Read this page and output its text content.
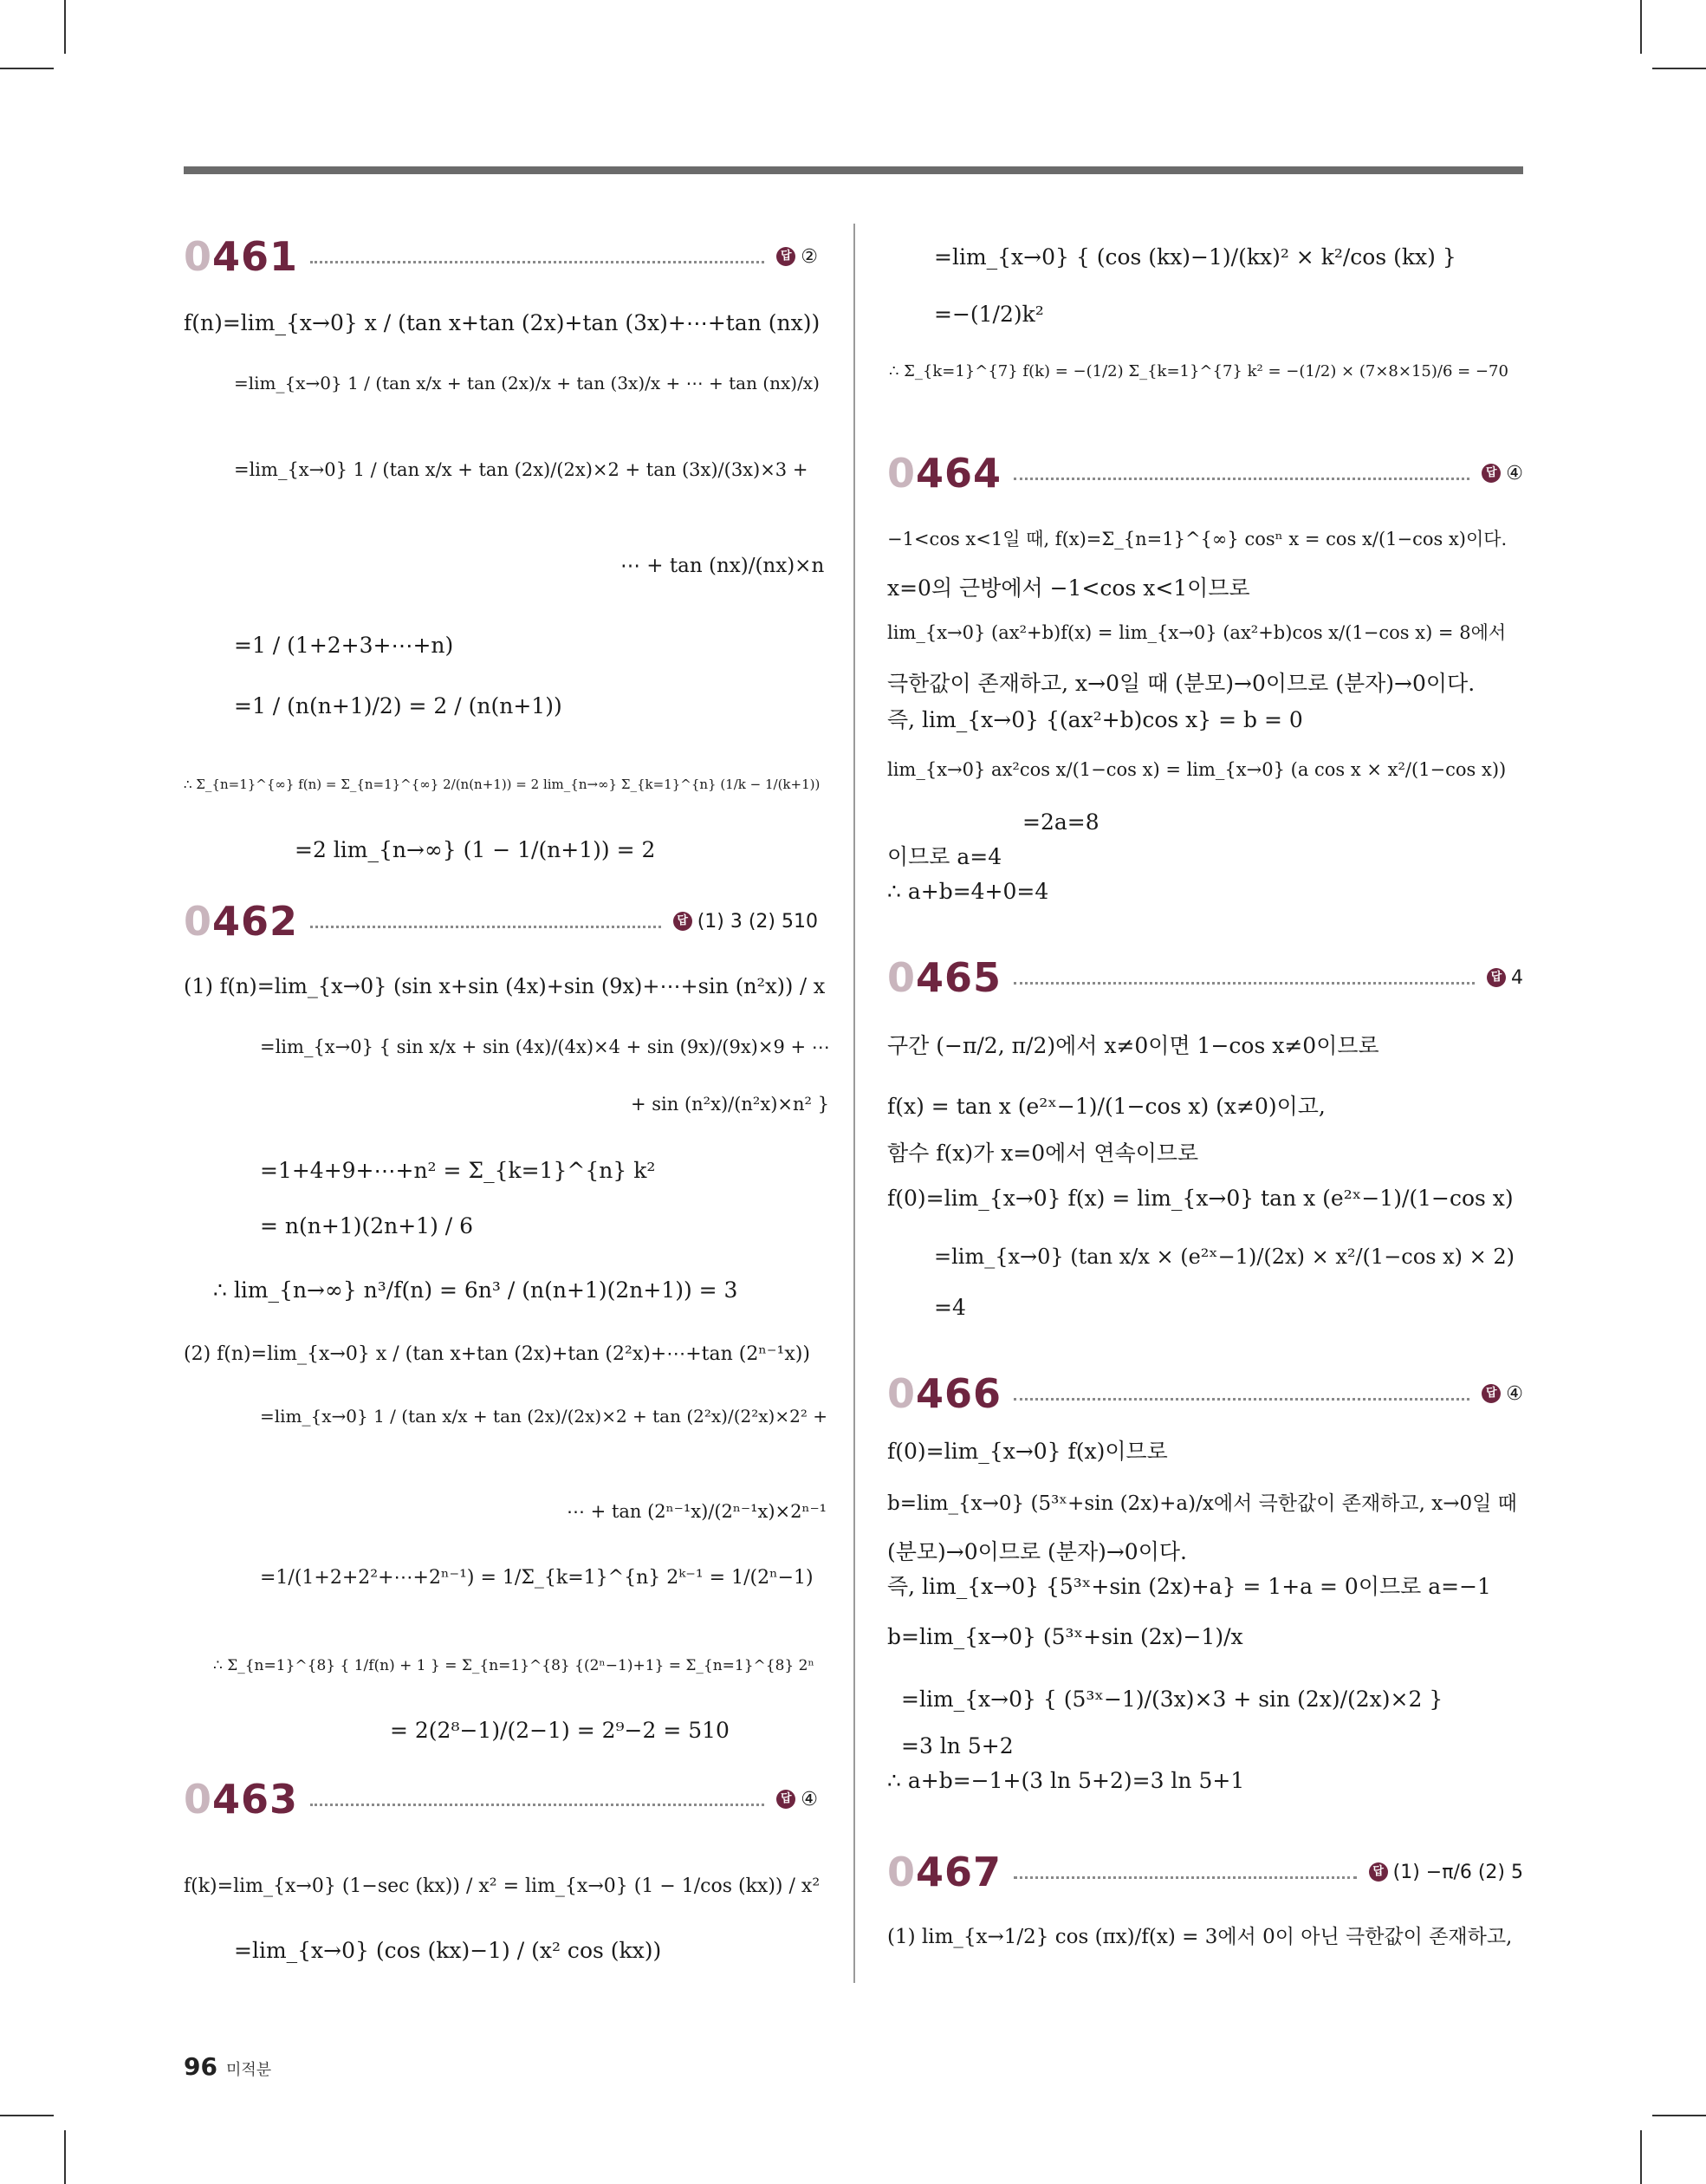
0461	답 ②
f(n)=lim_{x→0} x / (tan x+tan (2x)+tan (3x)+⋯+tan (nx))
=lim_{x→0} 1 / (tan x/x + tan (2x)/x + tan (3x)/x + ⋯ + tan (nx)/x)
=lim_{x→0} 1 / (tan x/x + tan (2x)/(2x)×2 + tan (3x)/(3x)×3 +
⋯ + tan (nx)/(nx)×n
=1 / (1+2+3+⋯+n)
=1 / (n(n+1)/2) = 2 / (n(n+1))
∴ Σ_{n=1}^{∞} f(n) = Σ_{n=1}^{∞} 2/(n(n+1)) = 2 lim_{n→∞} Σ_{k=1}^{n} (1/k − 1/(k+1))
=2 lim_{n→∞} (1 − 1/(n+1)) = 2
0462	답 (1) 3 (2) 510
(1) f(n)=lim_{x→0} (sin x+sin (4x)+sin (9x)+⋯+sin (n²x)) / x
=lim_{x→0} { sin x/x + sin (4x)/(4x)×4 + sin (9x)/(9x)×9 + ⋯
+ sin (n²x)/(n²x)×n² }
=1+4+9+⋯+n² = Σ_{k=1}^{n} k²
= n(n+1)(2n+1) / 6
∴ lim_{n→∞} n³/f(n) = 6n³ / (n(n+1)(2n+1)) = 3
(2) f(n)=lim_{x→0} x / (tan x+tan (2x)+tan (2²x)+⋯+tan (2ⁿ⁻¹x))
=lim_{x→0} 1 / (tan x/x + tan (2x)/(2x)×2 + tan (2²x)/(2²x)×2² +
⋯ + tan (2ⁿ⁻¹x)/(2ⁿ⁻¹x)×2ⁿ⁻¹
=1/(1+2+2²+⋯+2ⁿ⁻¹) = 1/Σ_{k=1}^{n} 2ᵏ⁻¹ = 1/(2ⁿ−1)
∴ Σ_{n=1}^{8} { 1/f(n) + 1 } = Σ_{n=1}^{8} {(2ⁿ−1)+1} = Σ_{n=1}^{8} 2ⁿ
= 2(2⁸−1)/(2−1) = 2⁹−2 = 510
0463	답 ④
f(k)=lim_{x→0} (1−sec (kx)) / x² = lim_{x→0} (1 − 1/cos (kx)) / x²
=lim_{x→0} (cos (kx)−1) / (x² cos (kx))
=lim_{x→0} { (cos (kx)−1)/(kx)² × k²/cos (kx) }
=−(1/2)k²
∴ Σ_{k=1}^{7} f(k) = −(1/2) Σ_{k=1}^{7} k² = −(1/2) × (7×8×15)/6 = −70
0464	답 ④
−1<cos x<1일 때, f(x)=Σ_{n=1}^{∞} cosⁿ x = cos x/(1−cos x)이다.
x=0의 근방에서 −1<cos x<1이므로
lim_{x→0} (ax²+b)f(x) = lim_{x→0} (ax²+b)cos x/(1−cos x) = 8에서
극한값이 존재하고, x→0일 때 (분모)→0이므로 (분자)→0이다.
즉, lim_{x→0} {(ax²+b)cos x} = b = 0
lim_{x→0} ax²cos x/(1−cos x) = lim_{x→0} (a cos x × x²/(1−cos x))
=2a=8
이므로 a=4
∴ a+b=4+0=4
0465	답 4
구간 (−π/2, π/2)에서 x≠0이면 1−cos x≠0이므로
f(x) = tan x (e²ˣ−1)/(1−cos x) (x≠0)이고,
함수 f(x)가 x=0에서 연속이므로
f(0)=lim_{x→0} f(x) = lim_{x→0} tan x (e²ˣ−1)/(1−cos x)
=lim_{x→0} (tan x/x × (e²ˣ−1)/(2x) × x²/(1−cos x) × 2)
=4
0466	답 ④
f(0)=lim_{x→0} f(x)이므로
b=lim_{x→0} (5³ˣ+sin (2x)+a)/x에서 극한값이 존재하고, x→0일 때
(분모)→0이므로 (분자)→0이다.
즉, lim_{x→0} {5³ˣ+sin (2x)+a} = 1+a = 0이므로 a=−1
b=lim_{x→0} (5³ˣ+sin (2x)−1)/x
=lim_{x→0} { (5³ˣ−1)/(3x)×3 + sin (2x)/(2x)×2 }
=3 ln 5+2
∴ a+b=−1+(3 ln 5+2)=3 ln 5+1
0467	답 (1) −π/6 (2) 5
(1) lim_{x→1/2} cos (πx)/f(x) = 3에서 0이 아닌 극한값이 존재하고,
96 미적분
